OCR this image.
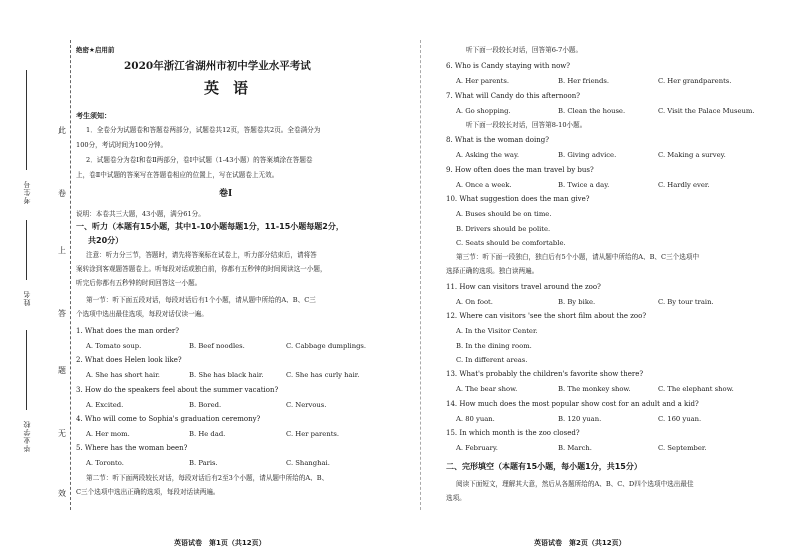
考生号
姓名
毕业学校
此
卷
上
答
题
无
效
绝密★启用前
2020年浙江省湖州市初中学业水平考试
英语
考生须知：
1．全卷分为试题卷和答题卷两部分，试题卷共12页，答题卷共2页。全卷满分为
100分，考试时间为100分钟。
2．试题卷分为卷Ⅰ和卷Ⅱ两部分，卷Ⅰ中试题（1-43小题）的答案填涂在答题卷
上，卷Ⅱ中试题的答案写在答题卷相应的位置上，写在试题卷上无效。
卷Ⅰ
说明：本卷共三大题，43小题，满分61分。
一、听力（本题有15小题，其中1-10小题每题1分，11-15小题每题2分，
共20分）
注意：听力分三节，答题时，请先将答案标在试卷上，听力部分结束后，请将答
案转涂到客观题答题卷上。听每段对话或独白前，你都有五秒钟的时间阅读这一小题，
听完后你都有五秒钟的时间回答这一小题。
第一节：听下面五段对话，每段对话后有1个小题，请从题中所给的A、B、C三
个选项中选出最佳选项，每段对话仅读一遍。
1. What does the man order?
A. Tomato soup.	B. Beef noodles.	C. Cabbage dumplings.
2. What does Helen look like?
A. She has short hair.	B. She has black hair.	C. She has curly hair.
3. How do the speakers feel about the summer vacation?
A. Excited.	B. Bored.	C. Nervous.
4. Who will come to Sophia's graduation ceremony?
A. Her mom.	B. He dad.	C. Her parents.
5. Where has the woman been?
A. Toronto.	B. Paris.	C. Shanghai.
第二节：听下面两段较长对话，每段对话后有2至3个小题，请从题中所给的A、B、
C三个选项中选出正确的选项，每段对话读两遍。
英语试卷　第1页（共12页）
听下面一段较长对话，回答第6-7小题。
6. Who is Candy staying with now?
A. Her parents.	B. Her friends.	C. Her grandparents.
7. What will Candy do this afternoon?
A. Go shopping.	B. Clean the house.	C. Visit the Palace Museum.
听下面一段较长对话，回答第8-10小题。
8. What is the woman doing?
A. Asking the way.	B. Giving advice.	C. Making a survey.
9. How often does the man travel by bus?
A. Once a week.	B. Twice a day.	C. Hardly ever.
10. What suggestion does the man give?
A. Buses should be on time.
B. Drivers should be polite.
C. Seats should be comfortable.
第三节：听下面一段独白，独白后有5个小题，请从题中所给的A、B、C三个选项中
选择正确的选项。独白读两遍。
11. How can visitors travel around the zoo?
A. On foot.	B. By bike.	C. By tour train.
12. Where can visitors 'see the short film about the zoo?
A. In the Visitor Center.
B. In the dining room.
C. In different areas.
13. What's probably the children's favorite show there?
A. The bear show.	B. The monkey show.	C. The elephant show.
14. How much does the most popular show cost for an adult and a kid?
A. 80 yuan.	B. 120 yuan.	C. 160 yuan.
15. In which month is the zoo closed?
A. February.	B. March.	C. September.
二、完形填空（本题有15小题，每小题1分，共15分）
阅读下面短文，理解其大意，然后从各题所给的A、B、C、D四个选项中选出最佳
选项。
英语试卷　第2页（共12页）
